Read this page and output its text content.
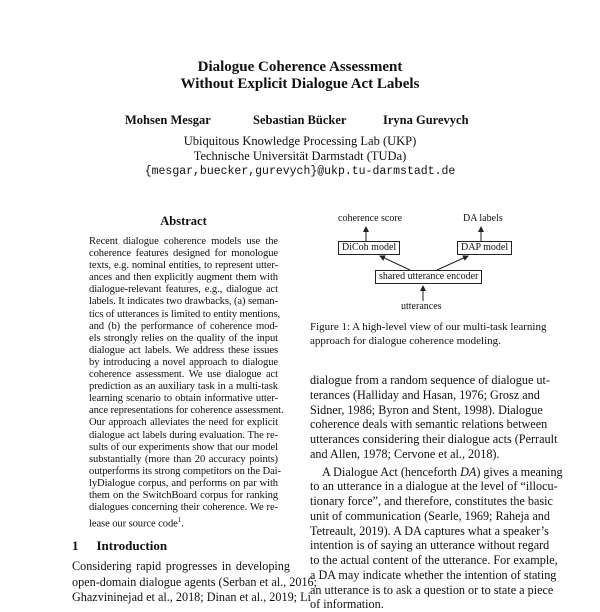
Dialogue Coherence Assessment
Without Explicit Dialogue Act Labels
Mohsen Mesgar	Sebastian Bücker	Iryna Gurevych
Ubiquitous Knowledge Processing Lab (UKP)
Technische Universität Darmstadt (TUDa)
{mesgar,buecker,gurevych}@ukp.tu-darmstadt.de
Abstract
Recent dialogue coherence models use the
coherence features designed for monologue
texts, e.g. nominal entities, to represent utter-
ances and then explicitly augment them with
dialogue-relevant features, e.g., dialogue act
labels. It indicates two drawbacks, (a) seman-
tics of utterances is limited to entity mentions,
and (b) the performance of coherence mod-
els strongly relies on the quality of the input
dialogue act labels. We address these issues
by introducing a novel approach to dialogue
coherence assessment. We use dialogue act
prediction as an auxiliary task in a multi-task
learning scenario to obtain informative utter-
ance representations for coherence assessment.
Our approach alleviates the need for explicit
dialogue act labels during evaluation. The re-
sults of our experiments show that our model
substantially (more than 20 accuracy points)
outperforms its strong competitors on the Dai-
lyDialogue corpus, and performs on par with
them on the SwitchBoard corpus for ranking
dialogues concerning their coherence. We re-
lease our source code$^1$.
1 Introduction
Considering rapid progresses in developing
open-domain dialogue agents (Serban et al., 2016;
Ghazvininejad et al., 2018; Dinan et al., 2019; Li
coherence score	DA labels
DiCoh model	DAP model
shared utterance encoder
utterances
Figure 1: A high-level view of our multi-task learning
approach for dialogue coherence modeling.
dialogue from a random sequence of dialogue ut-
terances (Halliday and Hasan, 1976; Grosz and
Sidner, 1986; Byron and Stent, 1998). Dialogue
coherence deals with semantic relations between
utterances considering their dialogue acts (Perrault
and Allen, 1978; Cervone et al., 2018).
A Dialogue Act (henceforth DA) gives a meaning
to an utterance in a dialogue at the level of “illocu-
tionary force”, and therefore, constitutes the basic
unit of communication (Searle, 1969; Raheja and
Tetreault, 2019). A DA captures what a speaker’s
intention is of saying an utterance without regard
to the actual content of the utterance. For example,
a DA may indicate whether the intention of stating
an utterance is to ask a question or to state a piece
of information.
